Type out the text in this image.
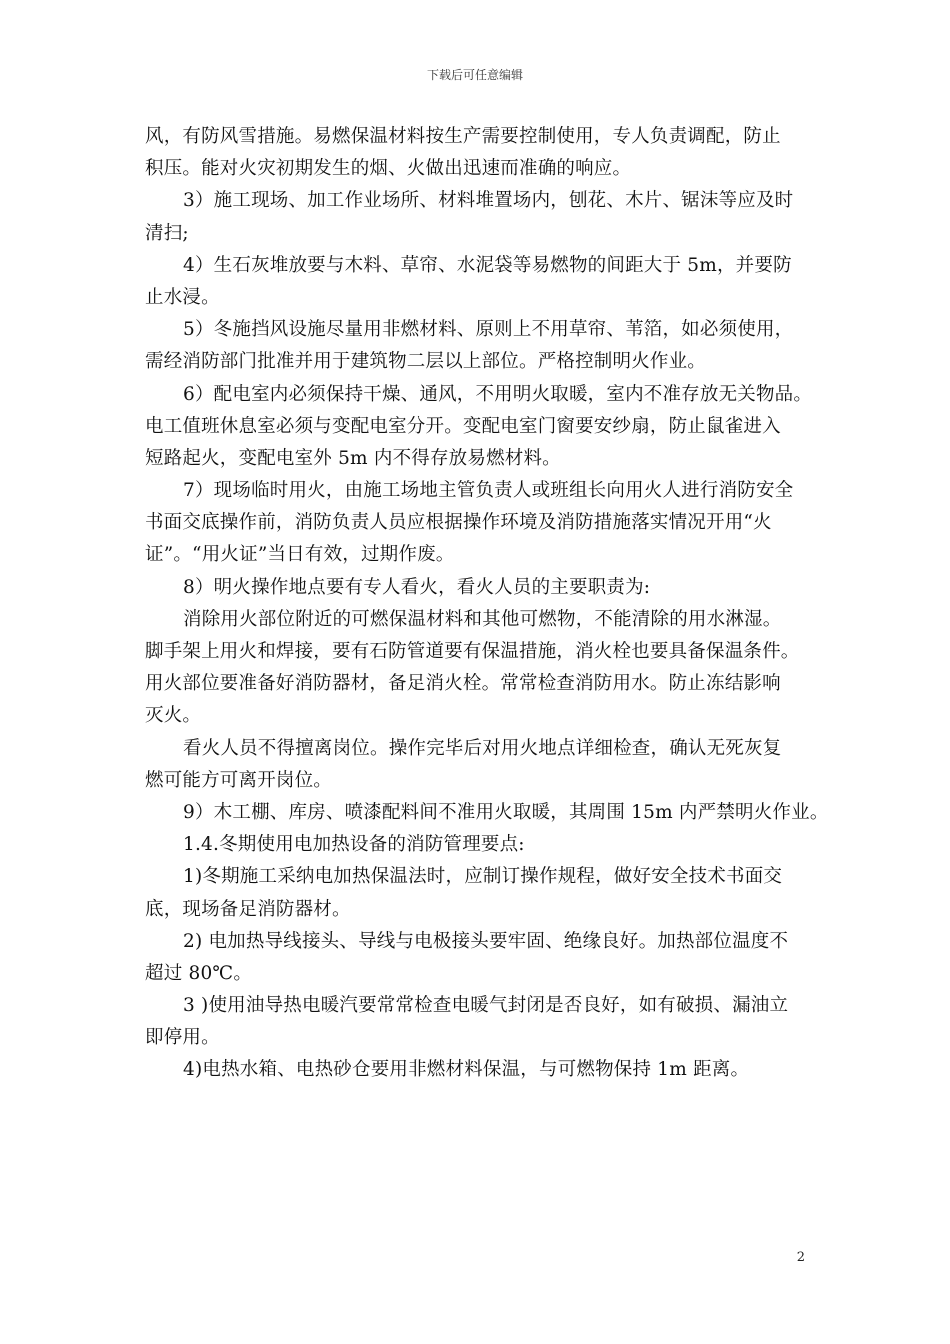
下载后可任意编辑
风，有防风雪措施。易燃保温材料按生产需要控制使用，专人负责调配，防止
积压。能对火灾初期发生的烟、火做出迅速而准确的响应。
3）施工现场、加工作业场所、材料堆置场内，刨花、木片、锯沫等应及时
清扫;
4）生石灰堆放要与木料、草帘、水泥袋等易燃物的间距大于 5m，并要防
止水浸。
5）冬施挡风设施尽量用非燃材料、原则上不用草帘、苇箔，如必须使用，
需经消防部门批准并用于建筑物二层以上部位。严格控制明火作业。
6）配电室内必须保持干燥、通风，不用明火取暖，室内不准存放无关物品。
电工值班休息室必须与变配电室分开。变配电室门窗要安纱扇，防止鼠雀进入
短路起火，变配电室外 5m 内不得存放易燃材料。
7）现场临时用火，由施工场地主管负责人或班组长向用火人进行消防安全
书面交底操作前，消防负责人员应根据操作环境及消防措施落实情况开用“火
证”。“用火证”当日有效，过期作废。
8）明火操作地点要有专人看火，看火人员的主要职责为:
消除用火部位附近的可燃保温材料和其他可燃物，不能清除的用水淋湿。
脚手架上用火和焊接，要有石防管道要有保温措施，消火栓也要具备保温条件。
用火部位要准备好消防器材，备足消火栓。常常检查消防用水。防止冻结影响
灭火。
看火人员不得擅离岗位。操作完毕后对用火地点详细检查，确认无死灰复
燃可能方可离开岗位。
9）木工棚、库房、喷漆配料间不准用火取暖，其周围 15m 内严禁明火作业。
1.4.冬期使用电加热设备的消防管理要点:
1)冬期施工采纳电加热保温法时，应制订操作规程，做好安全技术书面交
底，现场备足消防器材。
2) 电加热导线接头、导线与电极接头要牢固、绝缘良好。加热部位温度不
超过 80℃。
3 )使用油导热电暖汽要常常检查电暖气封闭是否良好，如有破损、漏油立
即停用。
4)电热水箱、电热砂仓要用非燃材料保温，与可燃物保持 1m 距离。
2
